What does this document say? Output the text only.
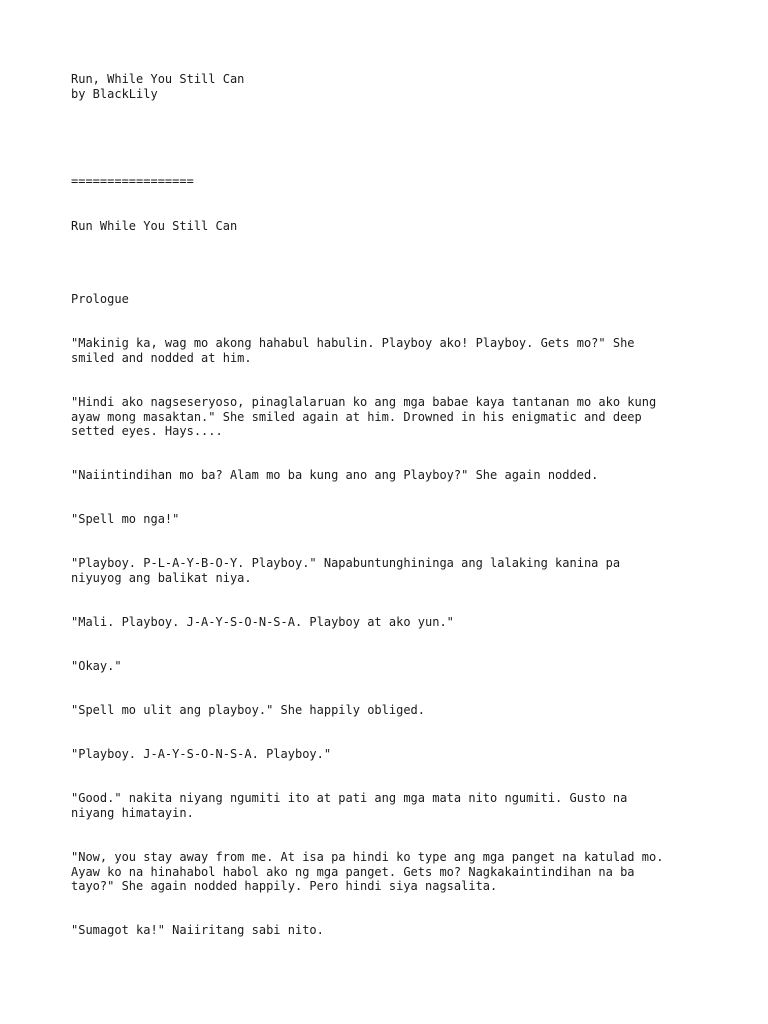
Run, While You Still Can

by BlackLily

=================

Run While You Still Can

Prologue

"Makinig ka, wag mo akong hahabul habulin. Playboy ako! Playboy. Gets mo?" She
smiled and nodded at him.

"Hindi ako nagseseryoso, pinaglalaruan ko ang mga babae kaya tantanan mo ako kung
ayaw mong masaktan." She smiled again at him. Drowned in his enigmatic and deep
setted eyes. Hays....

"Naiintindihan mo ba? Alam mo ba kung ano ang Playboy?" She again nodded.

"Spell mo nga!"

"Playboy. P-L-A-Y-B-O-Y. Playboy." Napabuntunghininga ang lalaking kanina pa
niyuyog ang balikat niya.

"Mali. Playboy. J-A-Y-S-O-N-S-A. Playboy at ako yun."

"Okay."

"Spell mo ulit ang playboy." She happily obliged.

"Playboy. J-A-Y-S-O-N-S-A. Playboy."

"Good." nakita niyang ngumiti ito at pati ang mga mata nito ngumiti. Gusto na
niyang himatayin.

"Now, you stay away from me. At isa pa hindi ko type ang mga panget na katulad mo.
Ayaw ko na hinahabol habol ako ng mga panget. Gets mo? Nagkakaintindihan na ba
tayo?" She again nodded happily. Pero hindi siya nagsalita.

"Sumagot ka!" Naiiritang sabi nito.
